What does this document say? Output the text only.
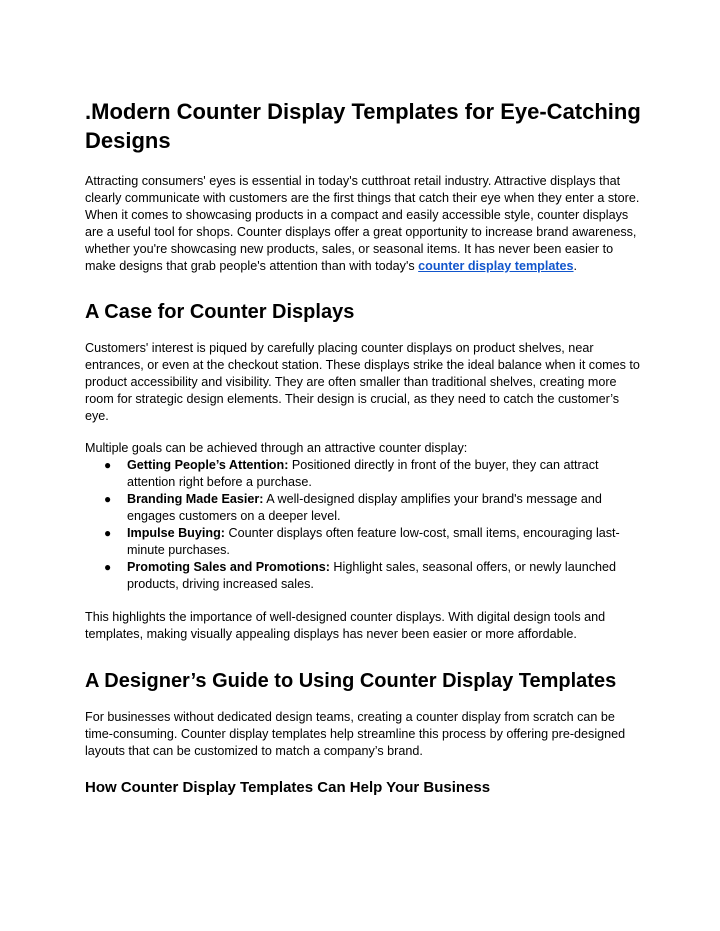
.Modern Counter Display Templates for Eye-Catching Designs

Attracting consumers' eyes is essential in today's cutthroat retail industry. Attractive displays that clearly communicate with customers are the first things that catch their eye when they enter a store. When it comes to showcasing products in a compact and easily accessible style, counter displays are a useful tool for shops. Counter displays offer a great opportunity to increase brand awareness, whether you're showcasing new products, sales, or seasonal items. It has never been easier to make designs that grab people's attention than with today's counter display templates.

A Case for Counter Displays

Customers' interest is piqued by carefully placing counter displays on product shelves, near entrances, or even at the checkout station. These displays strike the ideal balance when it comes to product accessibility and visibility. They are often smaller than traditional shelves, creating more room for strategic design elements. Their design is crucial, as they need to catch the customer’s eye.

Multiple goals can be achieved through an attractive counter display:

● Getting People’s Attention: Positioned directly in front of the buyer, they can attract attention right before a purchase.
● Branding Made Easier: A well-designed display amplifies your brand's message and engages customers on a deeper level.
● Impulse Buying: Counter displays often feature low-cost, small items, encouraging last-minute purchases.
● Promoting Sales and Promotions: Highlight sales, seasonal offers, or newly launched products, driving increased sales.

This highlights the importance of well-designed counter displays. With digital design tools and templates, making visually appealing displays has never been easier or more affordable.

A Designer’s Guide to Using Counter Display Templates

For businesses without dedicated design teams, creating a counter display from scratch can be time-consuming. Counter display templates help streamline this process by offering pre-designed layouts that can be customized to match a company’s brand.

How Counter Display Templates Can Help Your Business
